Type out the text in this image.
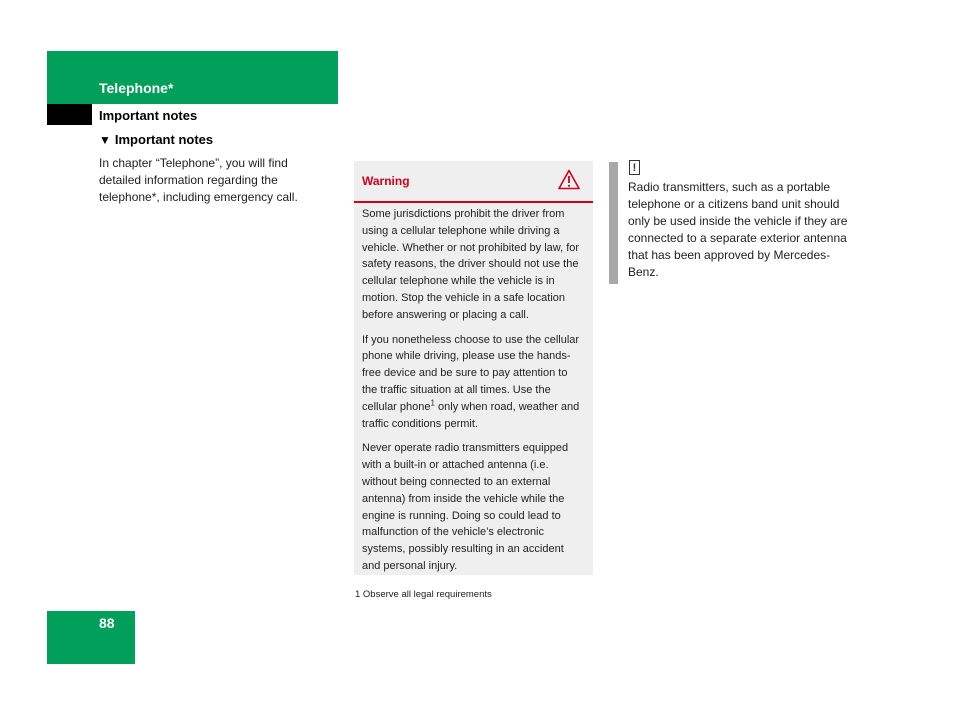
Telephone*
Important notes
▼ Important notes
In chapter “Telephone”, you will find detailed information regarding the telephone*, including emergency call.
Warning

Some jurisdictions prohibit the driver from using a cellular telephone while driving a vehicle. Whether or not prohibited by law, for safety reasons, the driver should not use the cellular telephone while the vehicle is in motion. Stop the vehicle in a safe location before answering or placing a call.

If you nonetheless choose to use the cellular phone while driving, please use the hands-free device and be sure to pay attention to the traffic situation at all times. Use the cellular phone$^1$ only when road, weather and traffic conditions permit.

Never operate radio transmitters equipped with a built-in or attached antenna (i.e. without being connected to an external antenna) from inside the vehicle while the engine is running. Doing so could lead to malfunction of the vehicle’s electronic systems, possibly resulting in an accident and personal injury.

1 Observe all legal requirements
!
Radio transmitters, such as a portable telephone or a citizens band unit should only be used inside the vehicle if they are connected to a separate exterior antenna that has been approved by Mercedes-Benz.
88
